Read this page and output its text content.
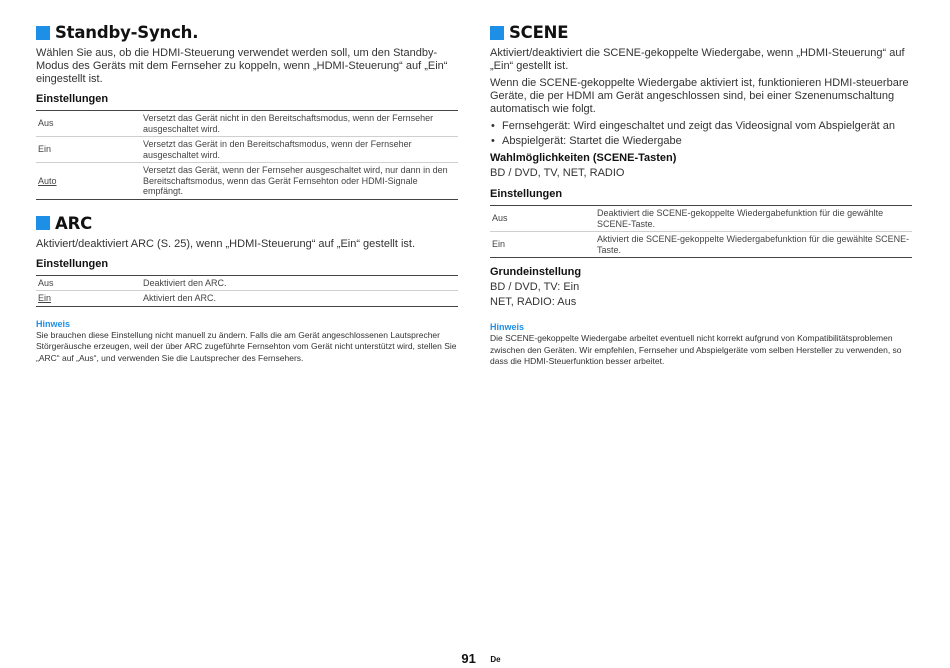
Standby-Synch.

Wählen Sie aus, ob die HDMI-Steuerung verwendet werden soll, um den Standby-Modus des Geräts mit dem Fernseher zu koppeln, wenn „HDMI-Steuerung“ auf „Ein“ eingestellt ist.

Einstellungen
Aus	Versetzt das Gerät nicht in den Bereitschaftsmodus, wenn der Fernseher ausgeschaltet wird.
Ein	Versetzt das Gerät in den Bereitschaftsmodus, wenn der Fernseher ausgeschaltet wird.
Auto	Versetzt das Gerät, wenn der Fernseher ausgeschaltet wird, nur dann in den Bereitschaftsmodus, wenn das Gerät Fernsehton oder HDMI-Signale empfängt.
ARC

Aktiviert/deaktiviert ARC (S. 25), wenn „HDMI-Steuerung“ auf „Ein“ gestellt ist.

Einstellungen
Aus	Deaktiviert den ARC.
Ein	Aktiviert den ARC.
Hinweis

Sie brauchen diese Einstellung nicht manuell zu ändern. Falls die am Gerät angeschlossenen Lautsprecher Störgeräusche erzeugen, weil der über ARC zugeführte Fernsehton vom Gerät nicht unterstützt wird, stellen Sie „ARC“ auf „Aus“, und verwenden Sie die Lautsprecher des Fernsehers.

SCENE

Aktiviert/deaktiviert die SCENE-gekoppelte Wiedergabe, wenn „HDMI-Steuerung“ auf „Ein“ gestellt ist.

Wenn die SCENE-gekoppelte Wiedergabe aktiviert ist, funktionieren HDMI-steuerbare Geräte, die per HDMI am Gerät angeschlossen sind, bei einer Szenenumschaltung automatisch wie folgt.

• Fernsehgerät: Wird eingeschaltet und zeigt das Videosignal vom Abspielgerät an
• Abspielgerät: Startet die Wiedergabe
Wahlmöglichkeiten (SCENE-Tasten)

BD / DVD, TV, NET, RADIO

Einstellungen
Aus	Deaktiviert die SCENE-gekoppelte Wiedergabefunktion für die gewählte SCENE-Taste.
Ein	Aktiviert die SCENE-gekoppelte Wiedergabefunktion für die gewählte SCENE-Taste.
Grundeinstellung

BD / DVD, TV: Ein

NET, RADIO: Aus

Hinweis

Die SCENE-gekoppelte Wiedergabe arbeitet eventuell nicht korrekt aufgrund von Kompatibilitätsproblemen zwischen den Geräten. Wir empfehlen, Fernseher und Abspielgeräte vom selben Hersteller zu verwenden, so dass die HDMI-Steuerfunktion besser arbeitet.

91 De
